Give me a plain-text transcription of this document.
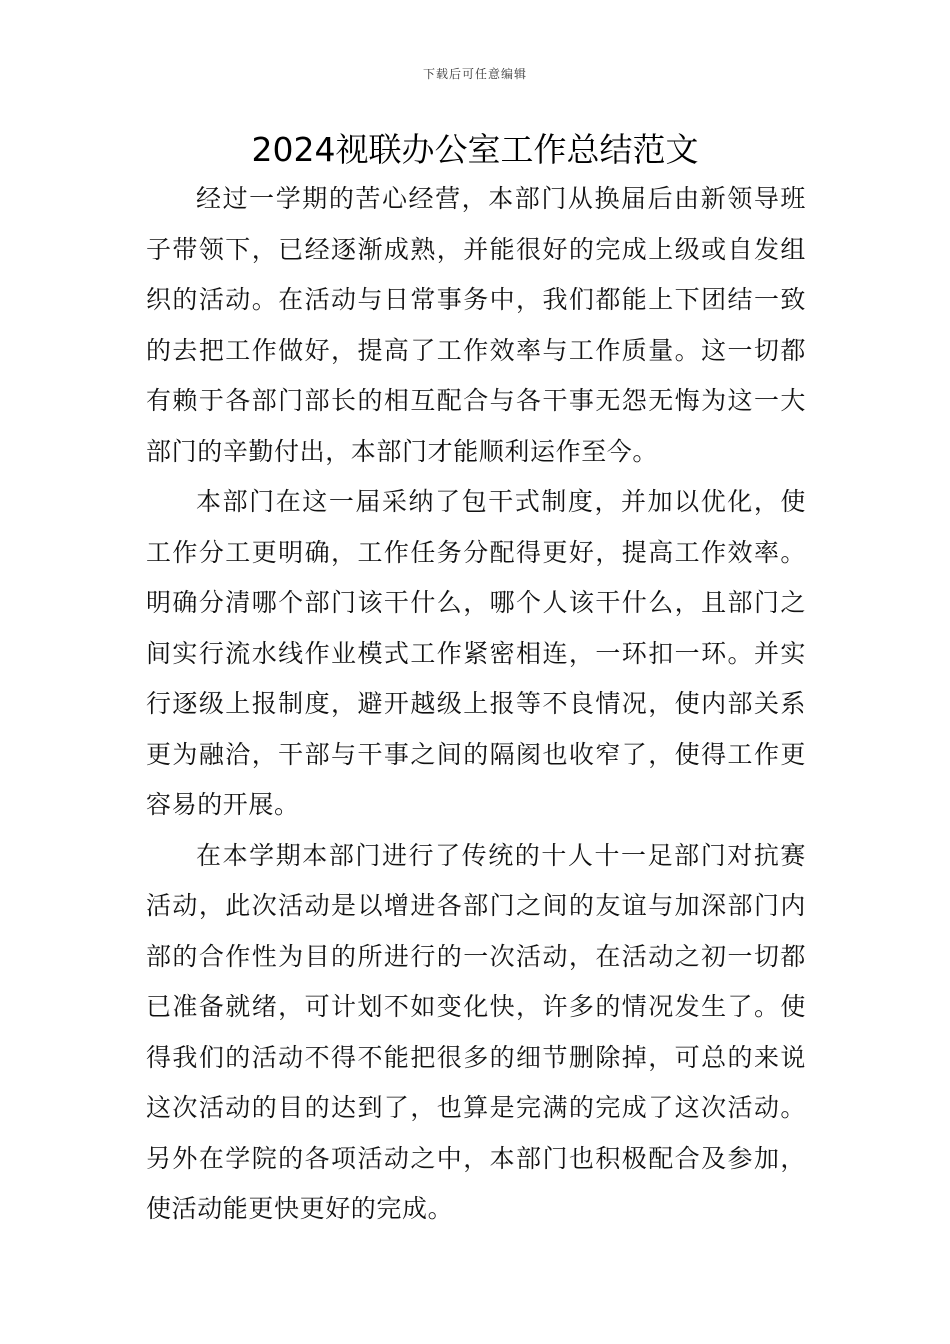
下载后可任意编辑
2024视联办公室工作总结范文

经过一学期的苦心经营，本部门从换届后由新领导班子带领下，已经逐渐成熟，并能很好的完成上级或自发组织的活动。在活动与日常事务中，我们都能上下团结一致的去把工作做好，提高了工作效率与工作质量。这一切都有赖于各部门部长的相互配合与各干事无怨无悔为这一大部门的辛勤付出，本部门才能顺利运作至今。

本部门在这一届采纳了包干式制度，并加以优化，使工作分工更明确，工作任务分配得更好，提高工作效率。明确分清哪个部门该干什么，哪个人该干什么，且部门之间实行流水线作业模式工作紧密相连，一环扣一环。并实行逐级上报制度，避开越级上报等不良情况，使内部关系更为融洽，干部与干事之间的隔阂也收窄了，使得工作更容易的开展。

在本学期本部门进行了传统的十人十一足部门对抗赛活动，此次活动是以增进各部门之间的友谊与加深部门内部的合作性为目的所进行的一次活动，在活动之初一切都已准备就绪，可计划不如变化快，许多的情况发生了。使得我们的活动不得不能把很多的细节删除掉，可总的来说这次活动的目的达到了，也算是完满的完成了这次活动。另外在学院的各项活动之中，本部门也积极配合及参加，使活动能更快更好的完成。
